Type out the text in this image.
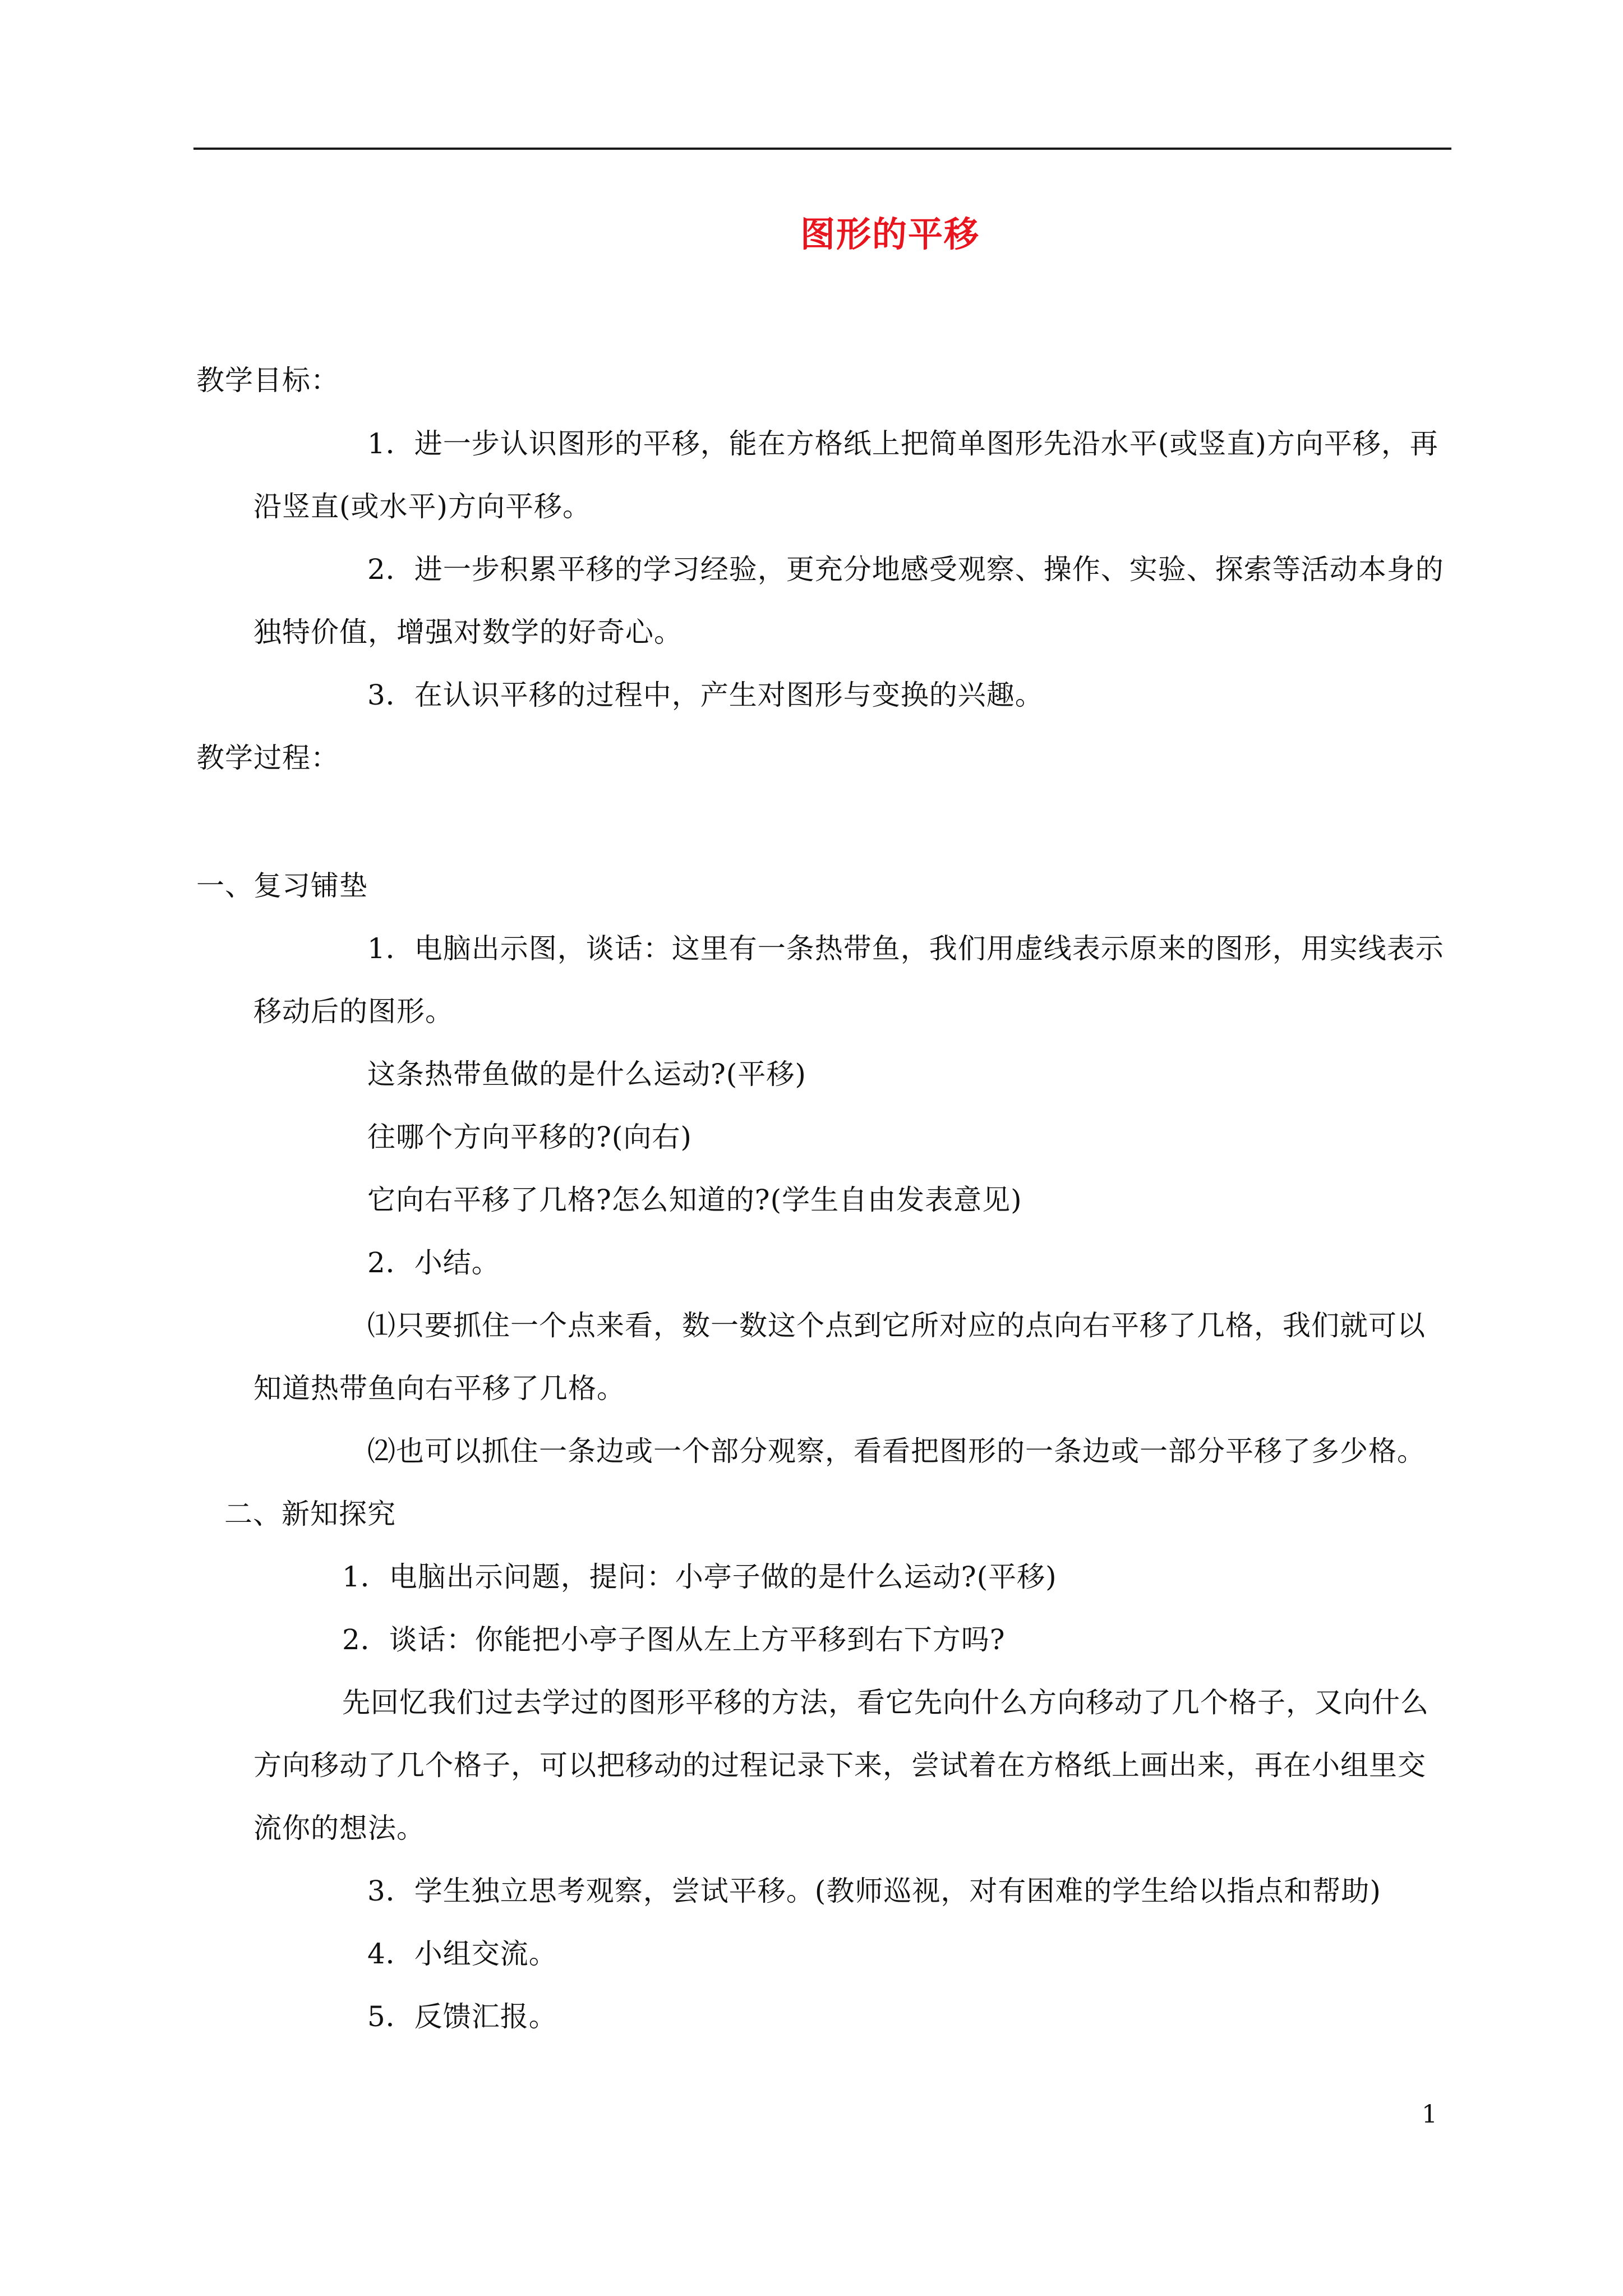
图形的平移
教学目标：
1．进一步认识图形的平移，能在方格纸上把简单图形先沿水平(或竖直)方向平移，再
沿竖直(或水平)方向平移。
2．进一步积累平移的学习经验，更充分地感受观察、操作、实验、探索等活动本身的
独特价值，增强对数学的好奇心。
3．在认识平移的过程中，产生对图形与变换的兴趣。
教学过程：
一、复习铺垫
1．电脑出示图，谈话：这里有一条热带鱼，我们用虚线表示原来的图形，用实线表示
移动后的图形。
这条热带鱼做的是什么运动?(平移)
往哪个方向平移的?(向右)
它向右平移了几格?怎么知道的?(学生自由发表意见)
2．小结。
⑴只要抓住一个点来看，数一数这个点到它所对应的点向右平移了几格，我们就可以
知道热带鱼向右平移了几格。
⑵也可以抓住一条边或一个部分观察，看看把图形的一条边或一部分平移了多少格。
二、新知探究
1．电脑出示问题，提问：小亭子做的是什么运动?(平移)
2．谈话：你能把小亭子图从左上方平移到右下方吗?
先回忆我们过去学过的图形平移的方法，看它先向什么方向移动了几个格子，又向什么
方向移动了几个格子，可以把移动的过程记录下来，尝试着在方格纸上画出来，再在小组里交
流你的想法。
3．学生独立思考观察，尝试平移。(教师巡视，对有困难的学生给以指点和帮助)
4．小组交流。
5．反馈汇报。
1
